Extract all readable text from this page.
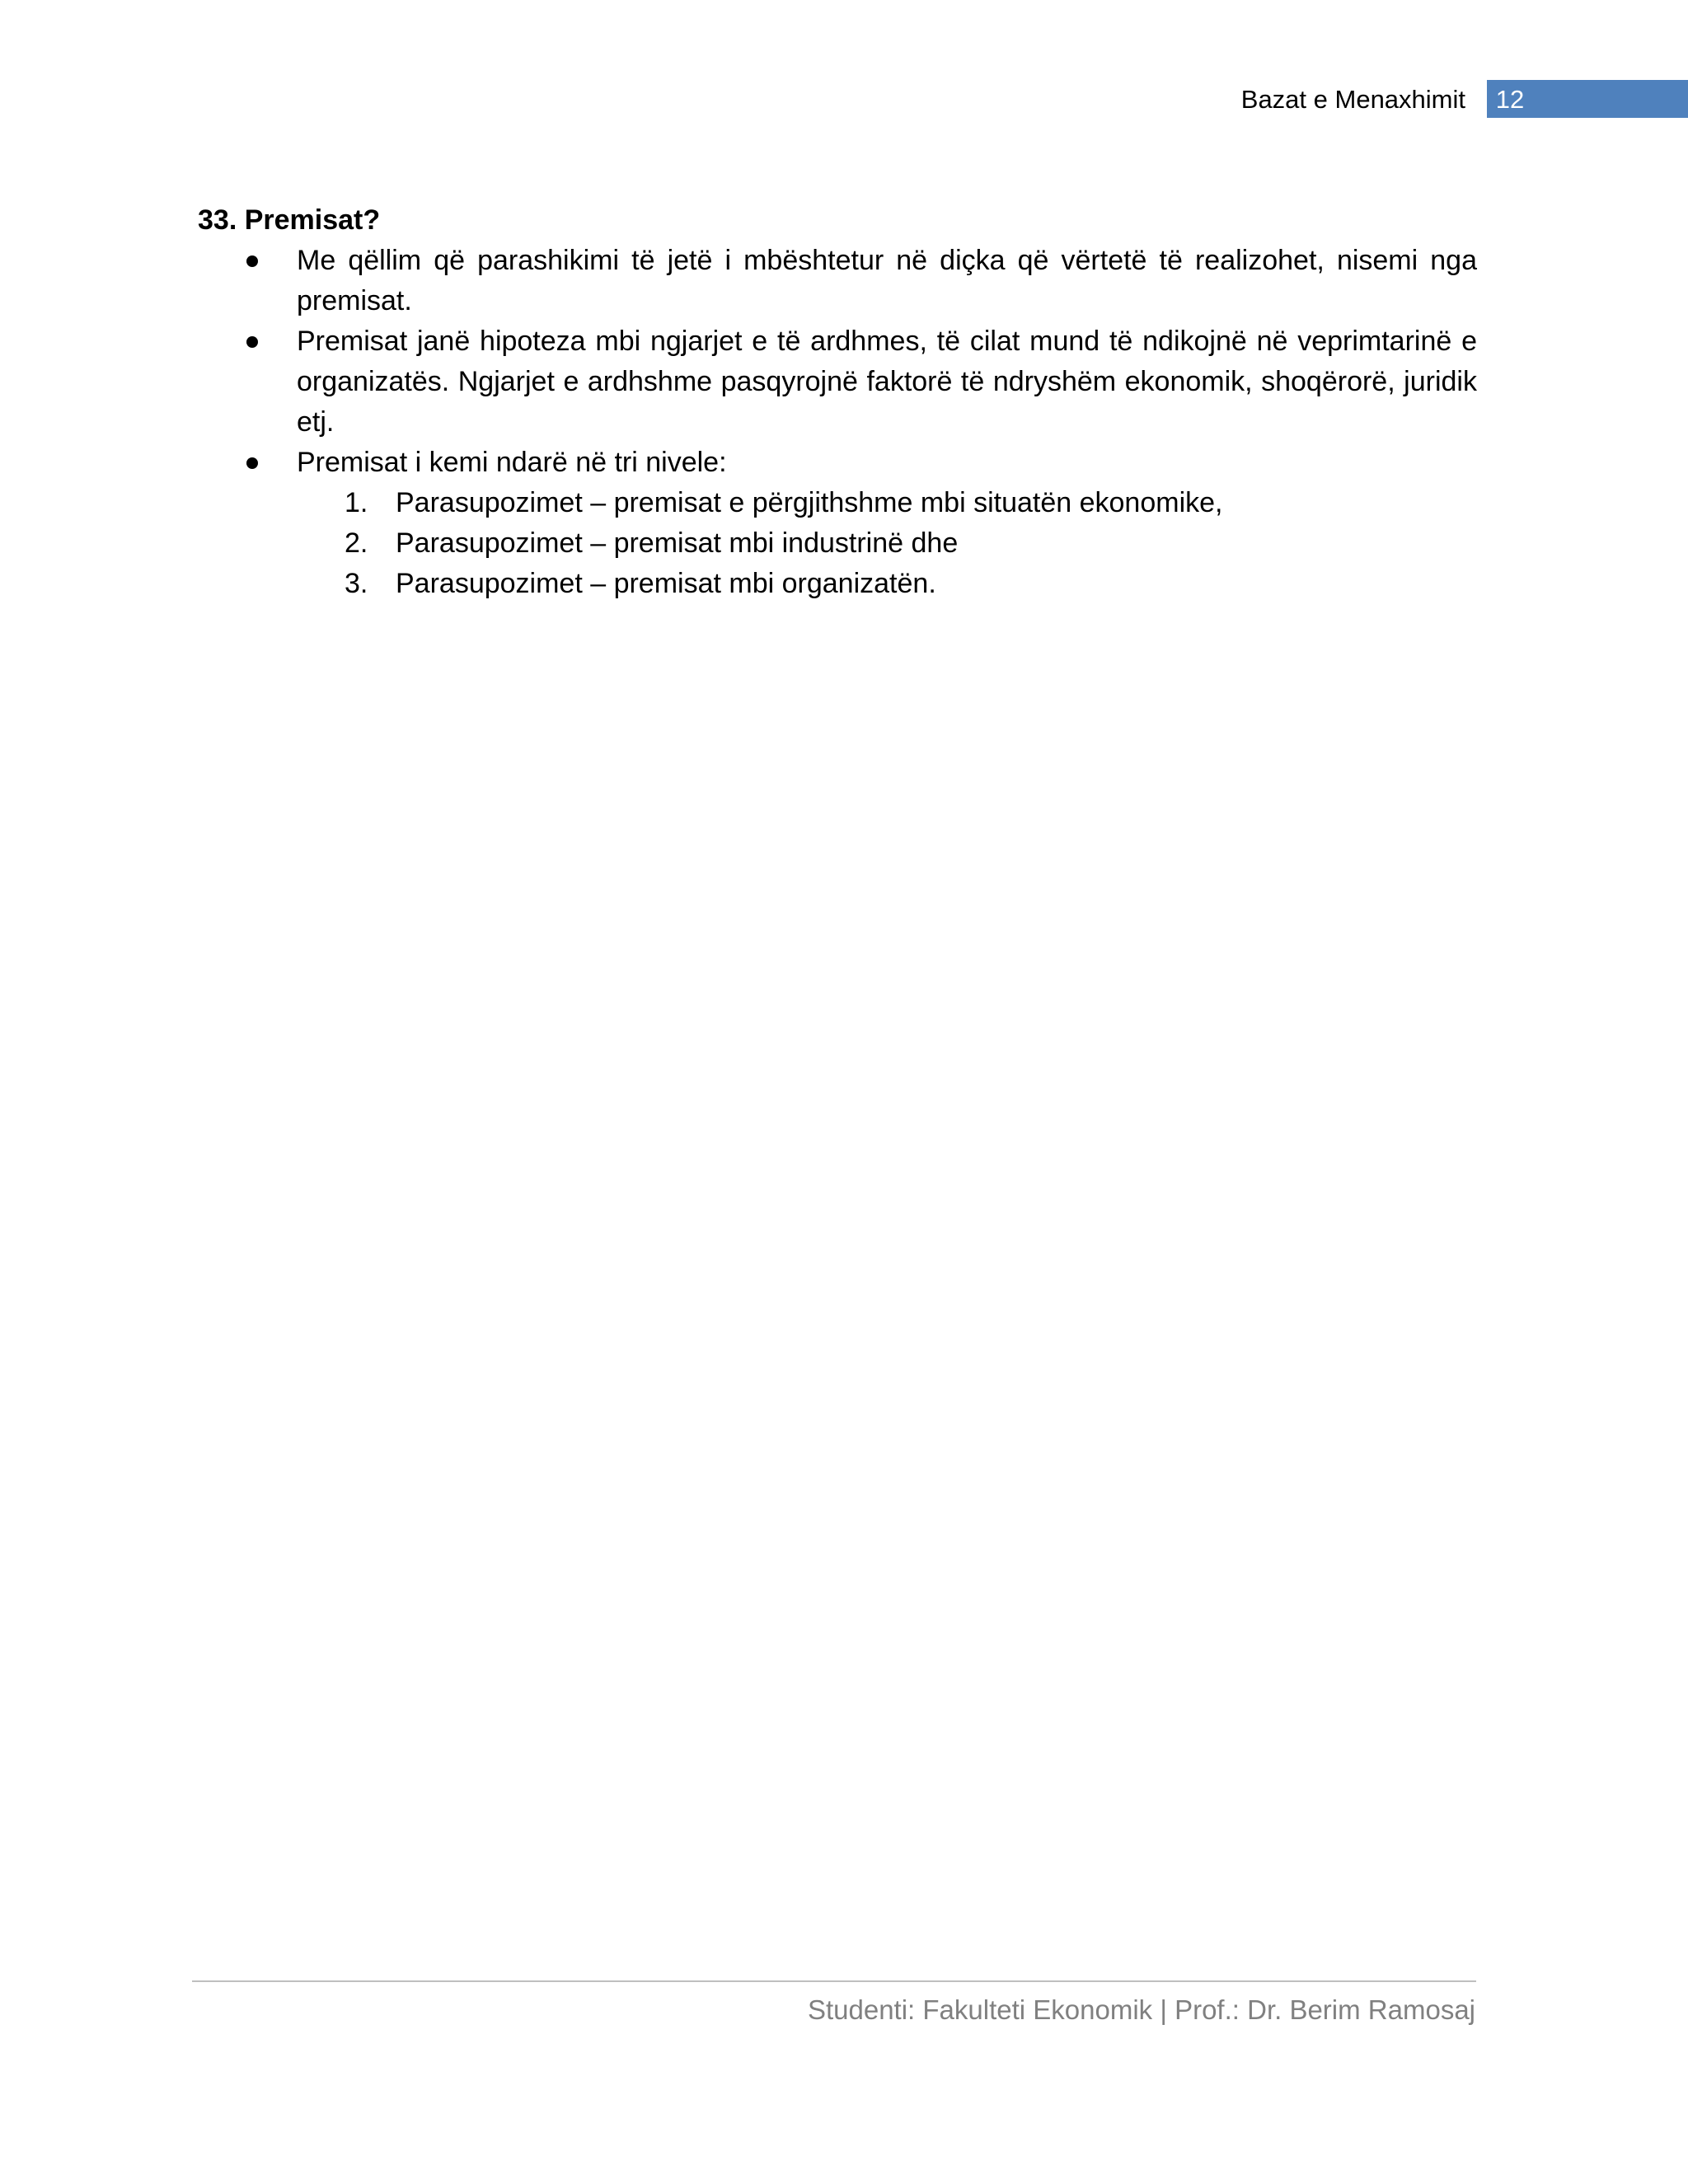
Bazat e Menaxhimit 12

33. Premisat?

Me qëllim që parashikimi të jetë i mbështetur në diçka që vërtetë të realizohet, nisemi nga premisat.
Premisat janë hipoteza mbi ngjarjet e të ardhmes, të cilat mund të ndikojnë në veprimtarinë e organizatës. Ngjarjet e ardhshme pasqyrojnë faktorë të ndryshëm ekonomik, shoqërorë, juridik etj.
Premisat i kemi ndarë në tri nivele:
1. Parasupozimet – premisat e përgjithshme mbi situatën ekonomike,
2. Parasupozimet – premisat mbi industrinë dhe
3. Parasupozimet – premisat mbi organizatën.
Studenti: Fakulteti Ekonomik | Prof.: Dr. Berim Ramosaj
